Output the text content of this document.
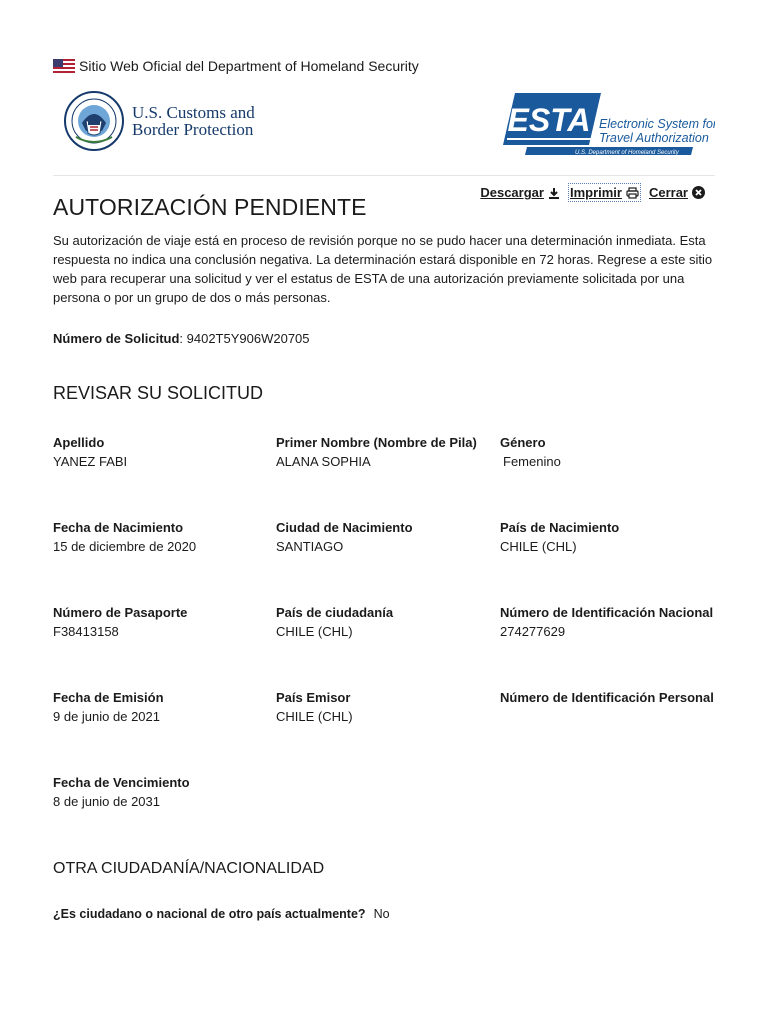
Sitio Web Oficial del Department of Homeland Security
U.S. Customs and
Border Protection	ESTA Electronic System for
Travel Authorization
U.S. Department of Homeland Security
Descargar Imprimir Cerrar
AUTORIZACIÓN PENDIENTE
Su autorización de viaje está en proceso de revisión porque no se pudo hacer una determinación inmediata. Esta respuesta no indica una conclusión negativa. La determinación estará disponible en 72 horas. Regrese a este sitio web para recuperar una solicitud y ver el estatus de ESTA de una autorización previamente solicitada por una persona o por un grupo de dos o más personas.
Número de Solicitud: 9402T5Y906W20705
REVISAR SU SOLICITUD
Apellido
YANEZ FABI
Primer Nombre (Nombre de Pila)
ALANA SOPHIA
Género
Femenino
Fecha de Nacimiento
15 de diciembre de 2020
Ciudad de Nacimiento
SANTIAGO
País de Nacimiento
CHILE (CHL)
Número de Pasaporte
F38413158
País de ciudadanía
CHILE (CHL)
Número de Identificación Nacional
274277629
Fecha de Emisión
9 de junio de 2021
País Emisor
CHILE (CHL)
Número de Identificación Personal
Fecha de Vencimiento
8 de junio de 2031
OTRA CIUDADANÍA/NACIONALIDAD
¿Es ciudadano o nacional de otro país actualmente? No
